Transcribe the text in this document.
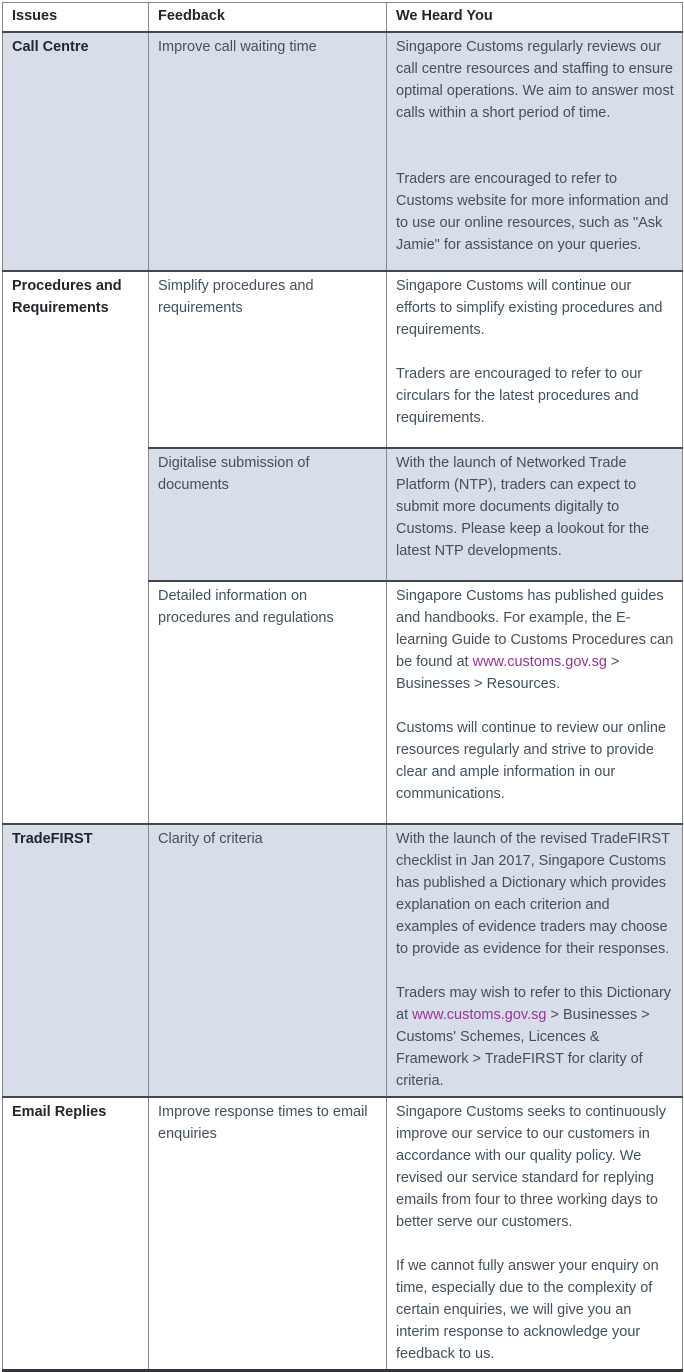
Issues	Feedback	We Heard You
Call Centre	Improve call waiting time	Singapore Customs regularly reviews our call centre resources and staffing to ensure optimal operations. We aim to answer most calls within a short period of time.

Traders are encouraged to refer to Customs website for more information and to use our online resources, such as "Ask Jamie" for assistance on your queries.

Procedures and Requirements	Simplify procedures and requirements	Singapore Customs will continue our efforts to simplify existing procedures and requirements.

Traders are encouraged to refer to our circulars for the latest procedures and requirements.

	Digitalise submission of documents	With the launch of Networked Trade Platform (NTP), traders can expect to submit more documents digitally to Customs. Please keep a lookout for the latest NTP developments.

	Detailed information on procedures and regulations	Singapore Customs has published guides and handbooks. For example, the E-learning Guide to Customs Procedures can be found at www.customs.gov.sg > Businesses > Resources.

Customs will continue to review our online resources regularly and strive to provide clear and ample information in our communications.

TradeFIRST	Clarity of criteria	With the launch of the revised TradeFIRST checklist in Jan 2017, Singapore Customs has published a Dictionary which provides explanation on each criterion and examples of evidence traders may choose to provide as evidence for their responses.

Traders may wish to refer to this Dictionary at www.customs.gov.sg > Businesses > Customs' Schemes, Licences & Framework > TradeFIRST for clarity of criteria.

Email Replies	Improve response times to email enquiries	Singapore Customs seeks to continuously improve our service to our customers in accordance with our quality policy. We revised our service standard for replying emails from four to three working days to better serve our customers.

If we cannot fully answer your enquiry on time, especially due to the complexity of certain enquiries, we will give you an interim response to acknowledge your feedback to us.
